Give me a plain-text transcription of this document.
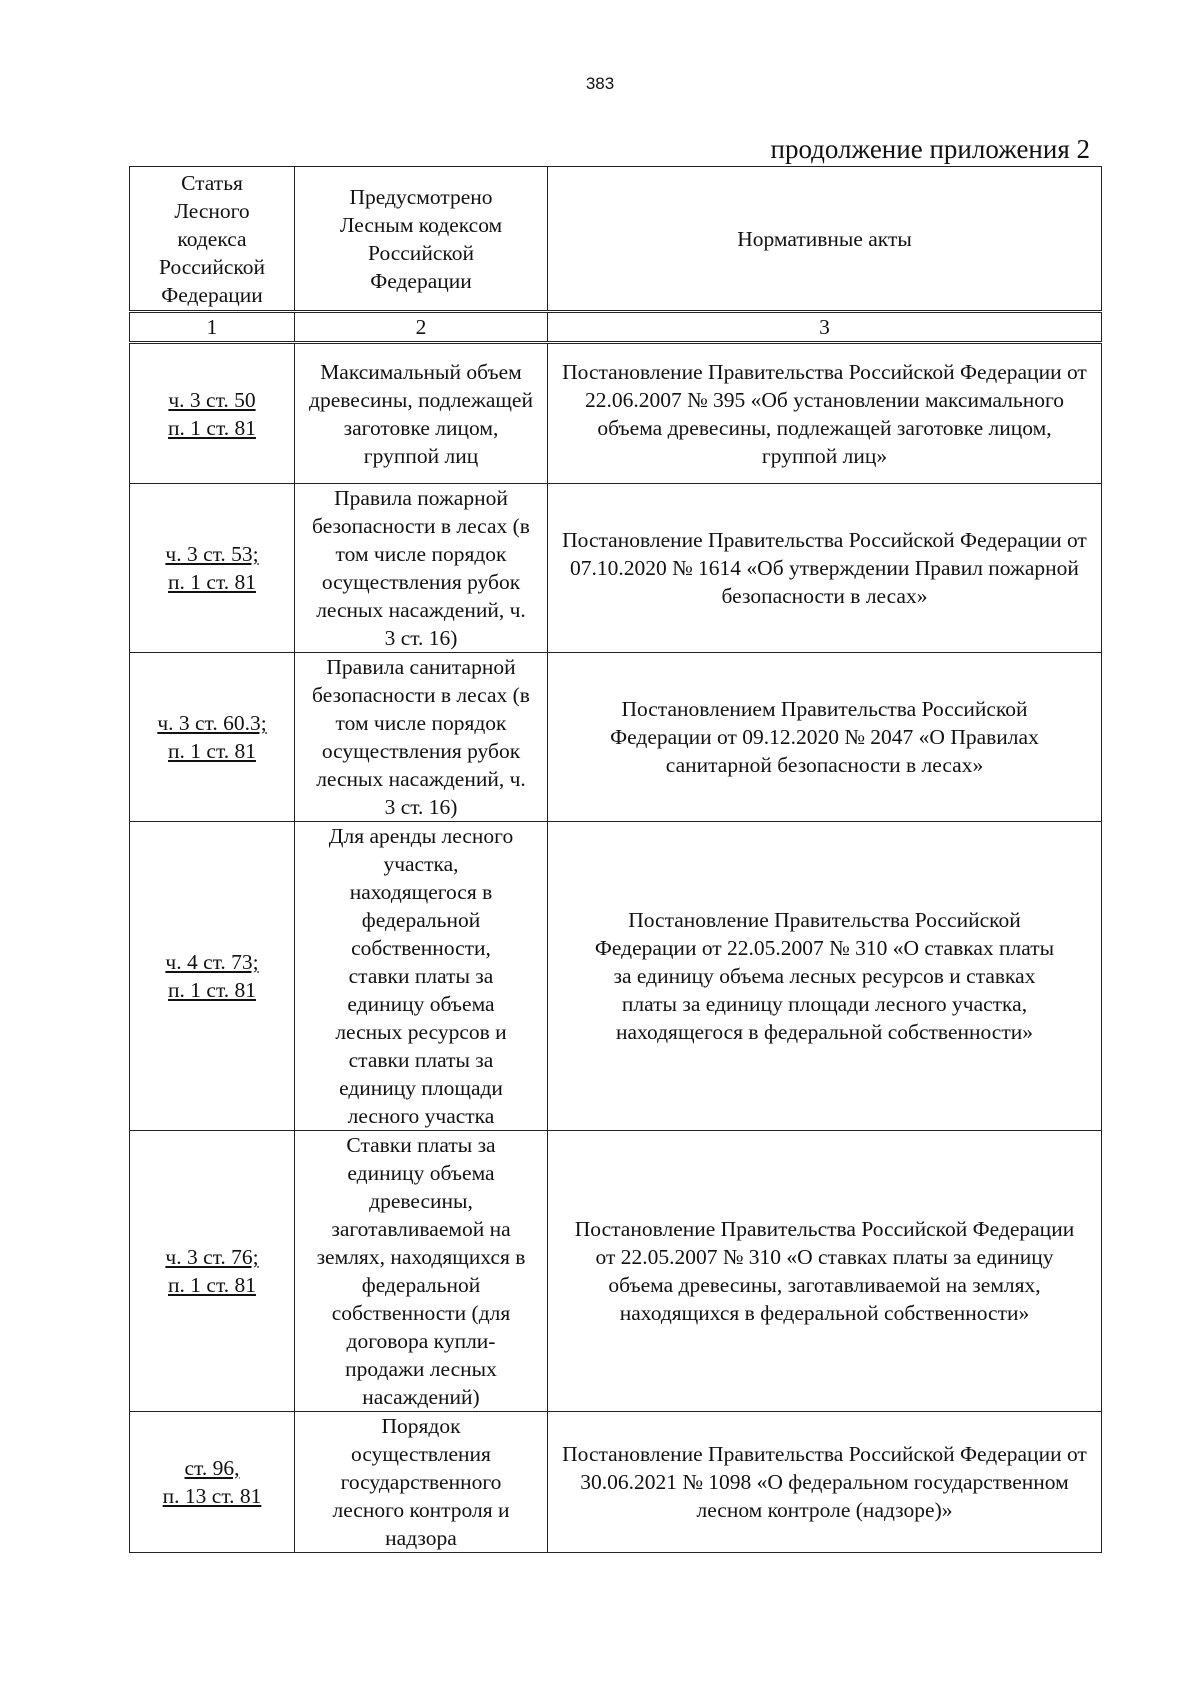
383
продолжение приложения 2
Статья Лесного кодекса Российской Федерации	Предусмотрено Лесным кодексом Российской Федерации	Нормативные акты
1	2	3

ч. 3 ст. 50
п. 1 ст. 81	Максимальный объем древесины, подлежащей заготовке лицом, группой лиц	Постановление Правительства Российской Федерации от 22.06.2007 № 395 «Об установлении максимального объема древесины, подлежащей заготовке лицом, группой лиц»

ч. 3 ст. 53;
п. 1 ст. 81	Правила пожарной безопасности в лесах (в том числе порядок осуществления рубок лесных насаждений, ч. 3 ст. 16)	Постановление Правительства Российской Федерации от 07.10.2020 № 1614 «Об утверждении Правил пожарной безопасности в лесах»

ч. 3 ст. 60.3;
п. 1 ст. 81	Правила санитарной безопасности в лесах (в том числе порядок осуществления рубок лесных насаждений, ч. 3 ст. 16)	Постановлением Правительства Российской Федерации от 09.12.2020 № 2047 «О Правилах санитарной безопасности в лесах»

ч. 4 ст. 73;
п. 1 ст. 81	Для аренды лесного участка, находящегося в федеральной собственности, ставки платы за единицу объема лесных ресурсов и ставки платы за единицу площади лесного участка	Постановление Правительства Российской Федерации от 22.05.2007 № 310 «О ставках платы за единицу объема лесных ресурсов и ставках платы за единицу площади лесного участка, находящегося в федеральной собственности»

ч. 3 ст. 76;
п. 1 ст. 81	Ставки платы за единицу объема древесины, заготавливаемой на землях, находящихся в федеральной собственности (для договора купли-продажи лесных насаждений)	Постановление Правительства Российской Федерации от 22.05.2007 № 310 «О ставках платы за единицу объема древесины, заготавливаемой на землях, находящихся в федеральной собственности»

ст. 96,
п. 13 ст. 81	Порядок осуществления государственного лесного контроля и надзора	Постановление Правительства Российской Федерации от 30.06.2021 № 1098 «О федеральном государственном лесном контроле (надзоре)»
